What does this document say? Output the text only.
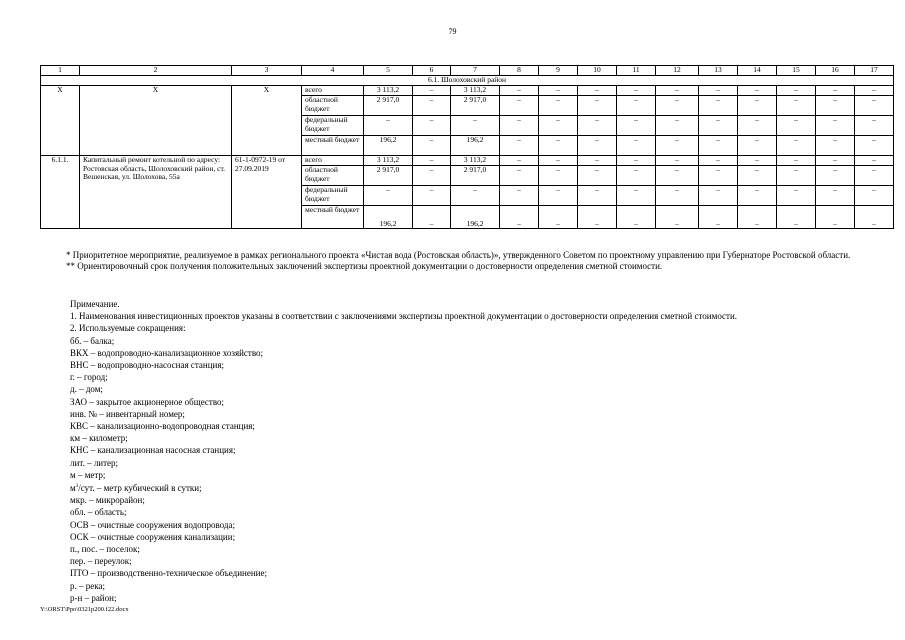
79
1	2	3	4	5	6	7	8	9	10	11	12	13	14	15	16	17
6.1. Шолоховский район																
Х	Х	Х	всего	3 113,2	–	3 113,2	–	–	–	–	–	–	–	–	–	–
			областной бюджет	2 917,0	–	2 917,0	–	–	–	–	–	–	–	–	–	–
			федеральный бюджет	–	–	–	–	–	–	–	–	–	–	–	–	–
			местный бюджет	196,2	–	196,2	–	–	–	–	–	–	–	–	–	–
6.1.1.	Капитальный ремонт котельной по адресу: Ростовская область, Шолоховский район, ст. Вешенская, ул. Шолохова, 55а	61-1-0972-19 от 27.09.2019	всего	3 113,2	–	3 113,2	–	–	–	–	–	–	–	–	–	–
			областной бюджет	2 917,0	–	2 917,0	–	–	–	–	–	–	–	–	–	–
			федеральный бюджет	–	–	–	–	–	–	–	–	–	–	–	–	–
			местный бюджет	196,2	–	196,2	–	–	–	–	–	–	–	–	–	–

* Приоритетное мероприятие, реализуемое в рамках регионального проекта «Чистая вода (Ростовская область)», утвержденного Советом по проектному управлению при Губернаторе Ростовской области.

** Ориентировочный срок получения положительных заключений экспертизы проектной документации о достоверности определения сметной стоимости.

Примечание.
1. Наименования инвестиционных проектов указаны в соответствии с заключениями экспертизы проектной документации о достоверности определения сметной стоимости.
2. Используемые сокращения:
бб. – балка;
ВКХ – водопроводно-канализационное хозяйство;
ВНС – водопроводно-насосная станция;
г. – город;
д. – дом;
ЗАО – закрытое акционерное общество;
инв. № – инвентарный номер;
КВС – канализационно-водопроводная станция;
км – километр;
КНС – канализационная насосная станция;
лит. – литер;
м – метр;
$м^3$/сут. – метр кубический в сутки;
мкр. – микрорайон;
обл. – область;
ОСВ – очистные сооружения водопровода;
ОСК – очистные сооружения канализации;
п., пос. – поселок;
пер. – переулок;
ПТО – производственно-техническое объединение;
р. – река;
р-н – район;
Y:\ORST\Ppo\0321p200.f22.docx
